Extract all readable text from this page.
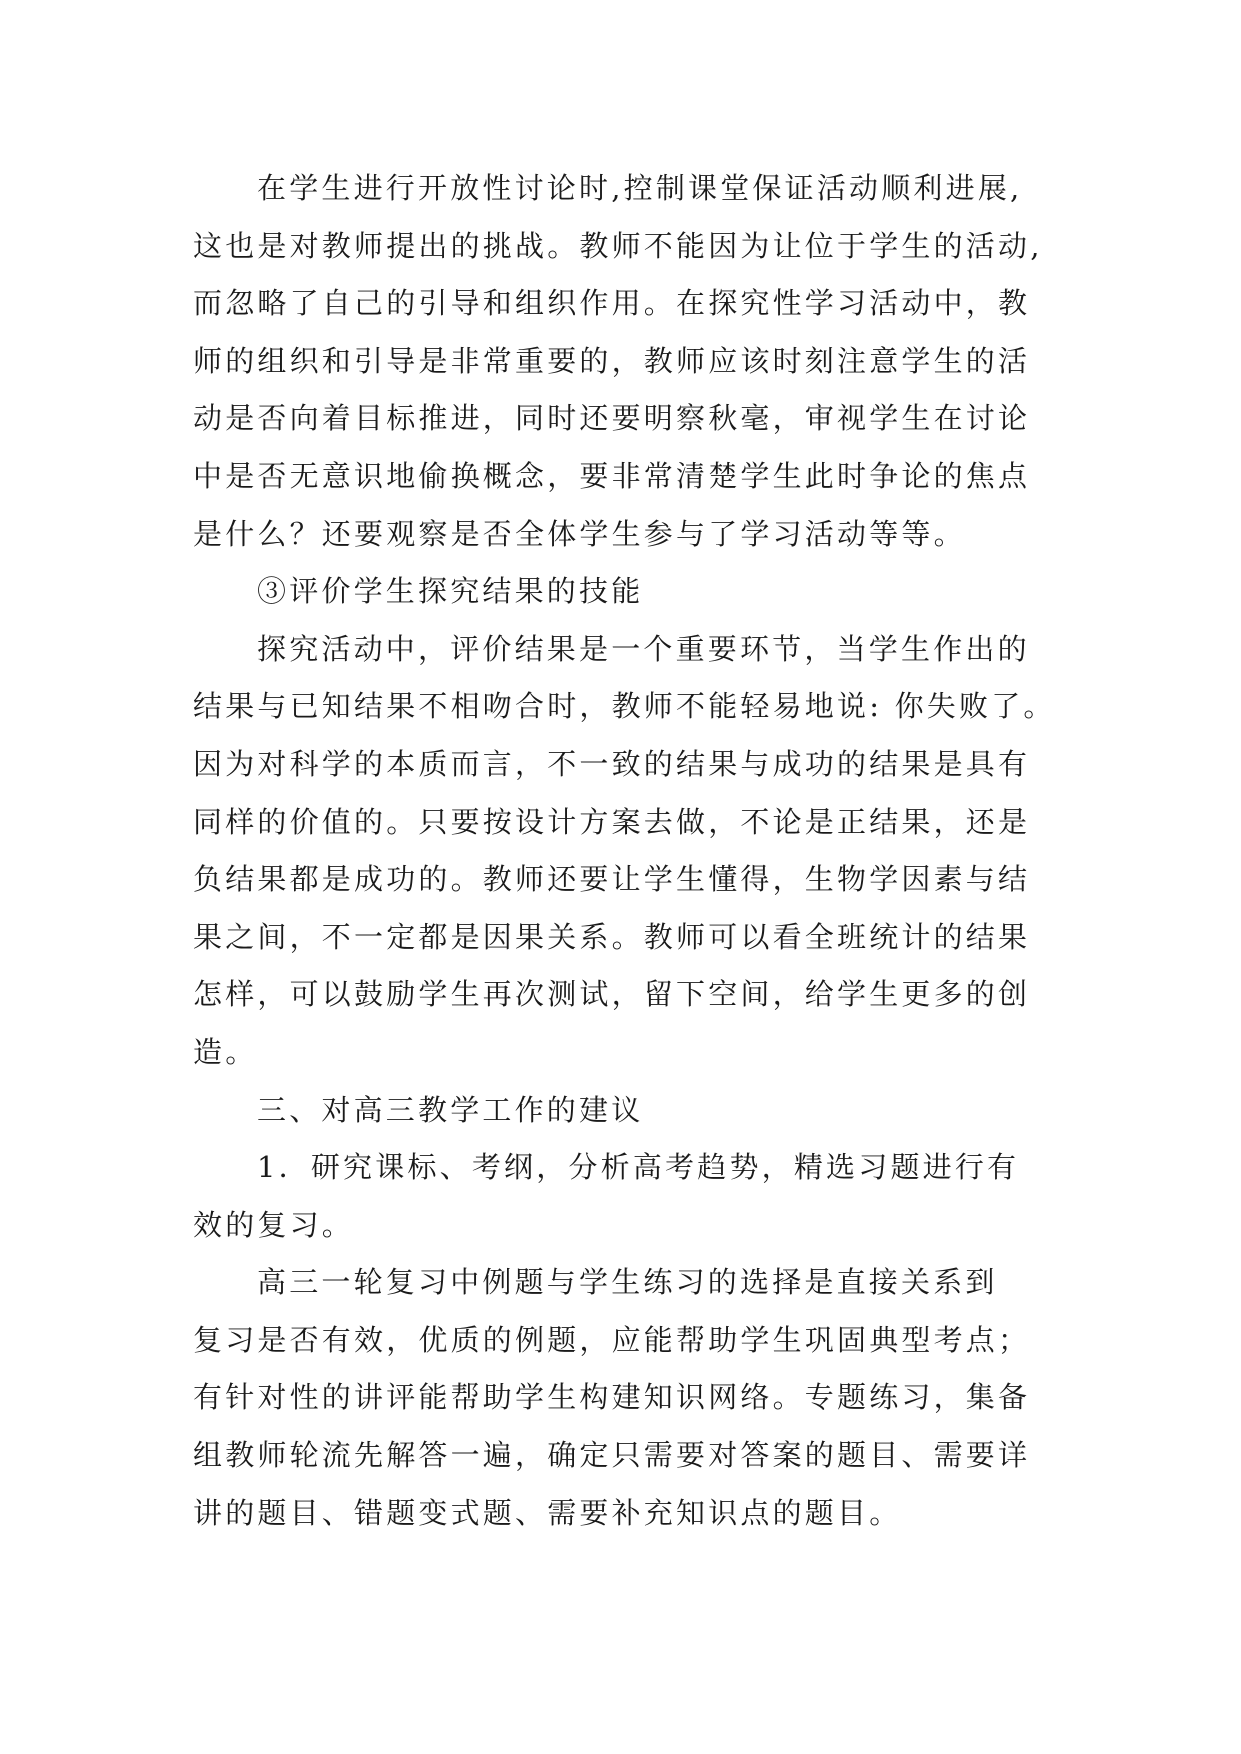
在学生进行开放性讨论时,控制课堂保证活动顺利进展,
这也是对教师提出的挑战。教师不能因为让位于学生的活动,
而忽略了自己的引导和组织作用。在探究性学习活动中，教
师的组织和引导是非常重要的，教师应该时刻注意学生的活
动是否向着目标推进，同时还要明察秋毫，审视学生在讨论
中是否无意识地偷换概念，要非常清楚学生此时争论的焦点
是什么？还要观察是否全体学生参与了学习活动等等。
③评价学生探究结果的技能
探究活动中，评价结果是一个重要环节，当学生作出的
结果与已知结果不相吻合时，教师不能轻易地说: 你失败了。
因为对科学的本质而言，不一致的结果与成功的结果是具有
同样的价值的。只要按设计方案去做，不论是正结果，还是
负结果都是成功的。教师还要让学生懂得，生物学因素与结
果之间，不一定都是因果关系。教师可以看全班统计的结果
怎样，可以鼓励学生再次测试，留下空间，给学生更多的创
造。
三、对高三教学工作的建议
1．研究课标、考纲，分析高考趋势，精选习题进行有
效的复习。
高三一轮复习中例题与学生练习的选择是直接关系到
复习是否有效，优质的例题，应能帮助学生巩固典型考点；
有针对性的讲评能帮助学生构建知识网络。专题练习，集备
组教师轮流先解答一遍，确定只需要对答案的题目、需要详
讲的题目、错题变式题、需要补充知识点的题目。
